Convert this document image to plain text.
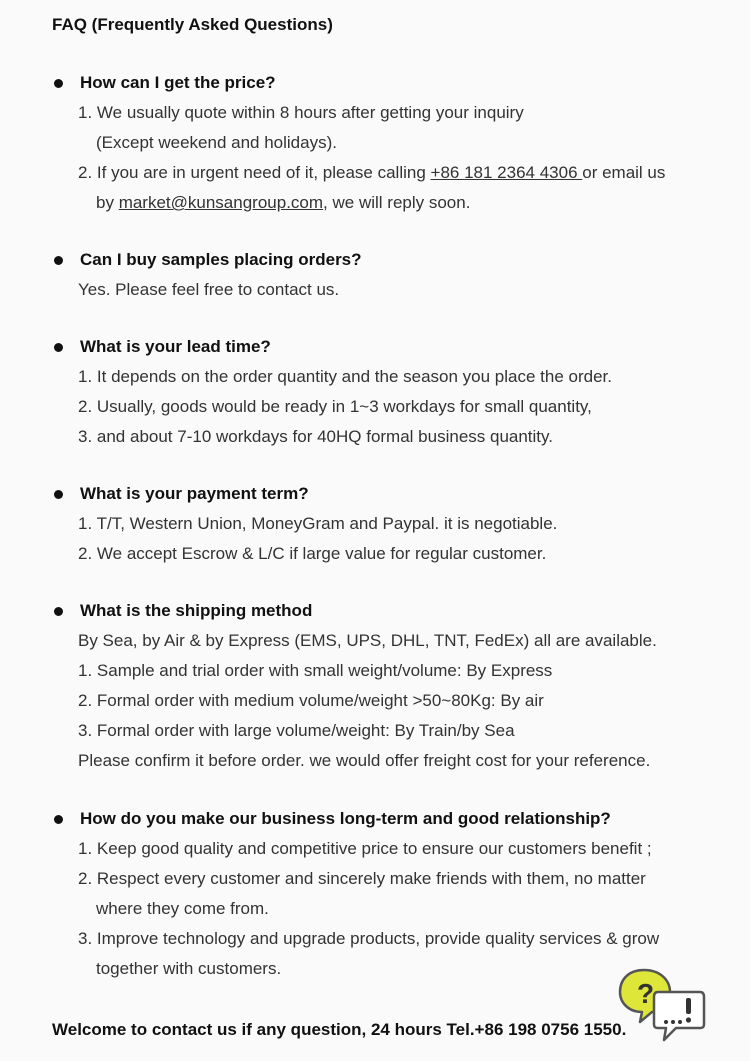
FAQ (Frequently Asked Questions)
How can I get the price?
1. We usually quote within 8 hours after getting your inquiry
(Except weekend and holidays).
2. If you are in urgent need of it, please calling +86 181 2364 4306 or email us
by market@kunsangroup.com, we will reply soon.
Can I buy samples placing orders?
Yes. Please feel free to contact us.
What is your lead time?
1. It depends on the order quantity and the season you place the order.
2. Usually, goods would be ready in 1~3 workdays for small quantity,
3. and about 7-10 workdays for 40HQ formal business quantity.
What is your payment term?
1. T/T, Western Union, MoneyGram and Paypal. it is negotiable.
2. We accept Escrow & L/C if large value for regular customer.
What is the shipping method
By Sea, by Air & by Express (EMS, UPS, DHL, TNT, FedEx) all are available.
1. Sample and trial order with small weight/volume: By Express
2. Formal order with medium volume/weight >50~80Kg: By air
3. Formal order with large volume/weight: By Train/by Sea
Please confirm it before order. we would offer freight cost for your reference.
How do you make our business long-term and good relationship?
1. Keep good quality and competitive price to ensure our customers benefit ;
2. Respect every customer and sincerely make friends with them, no matter
where they come from.
3. Improve technology and upgrade products, provide quality services & grow
together with customers.
Welcome to contact us if any question, 24 hours Tel.+86 198 0756 1550.
?
